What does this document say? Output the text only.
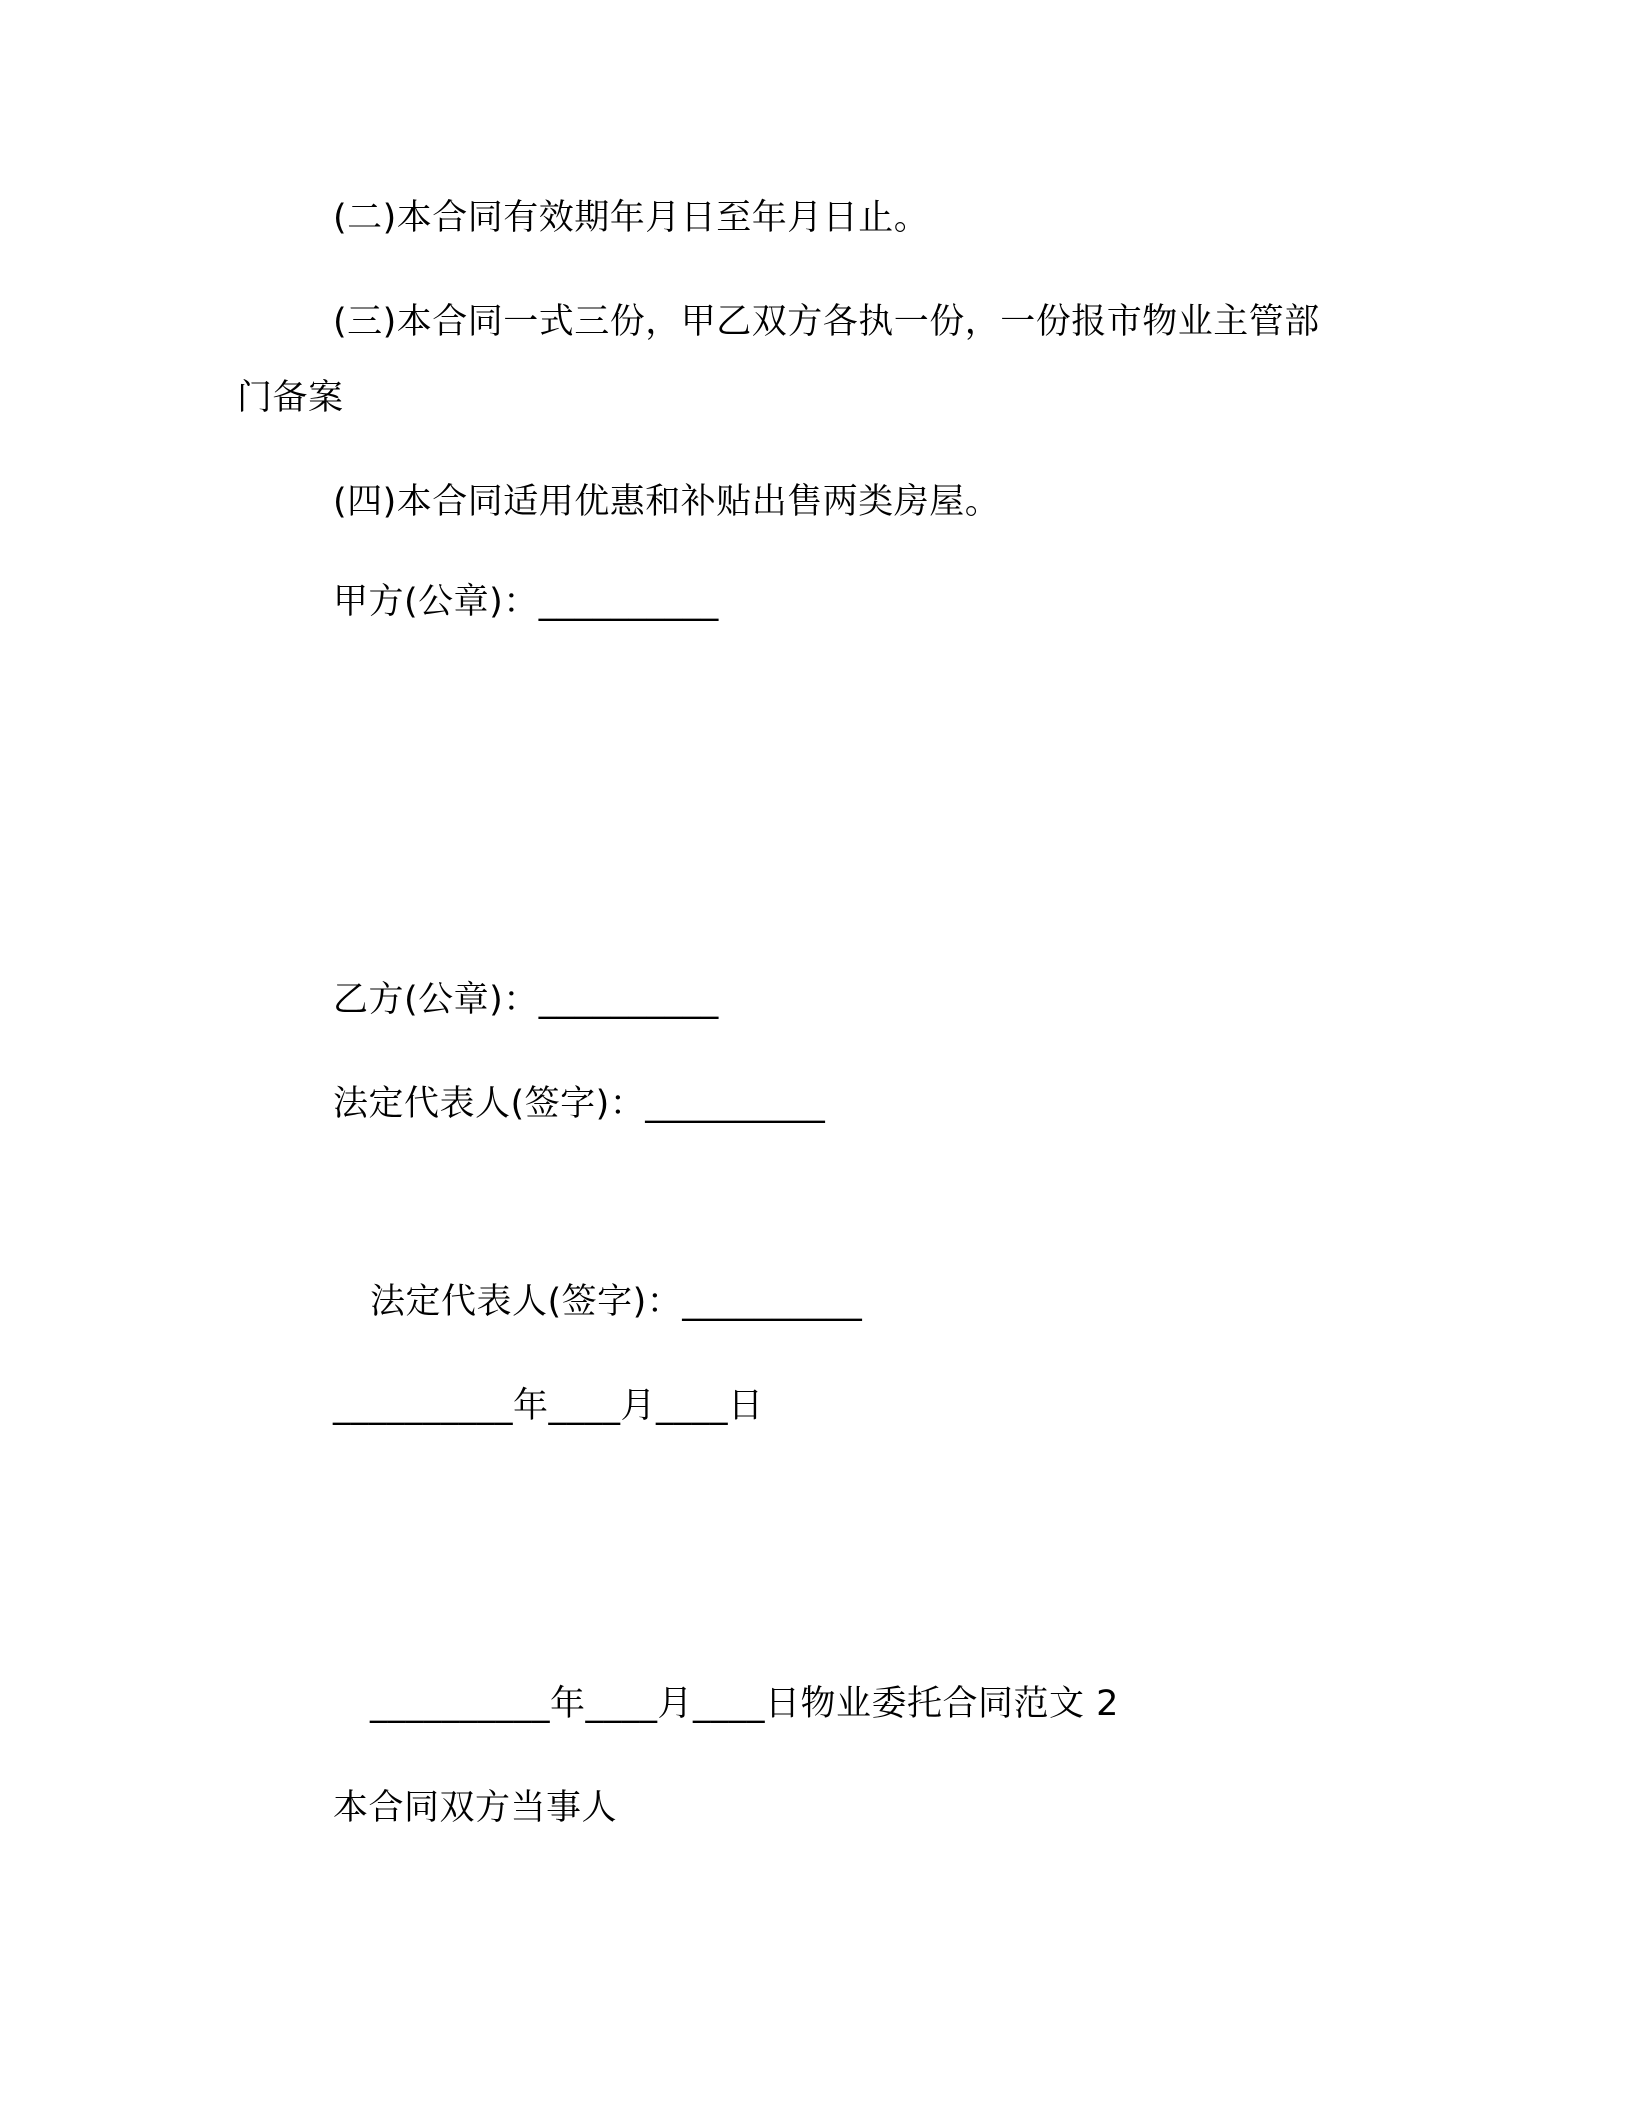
(二)本合同有效期年月日至年月日止。
(三)本合同一式三份，甲乙双方各执一份，一份报市物业主管部
门备案
(四)本合同适用优惠和补贴出售两类房屋。
甲方(公章)：__________
乙方(公章)：__________
法定代表人(签字)：__________
法定代表人(签字)：__________
__________年____月____日
__________年____月____日物业委托合同范文 2
本合同双方当事人
